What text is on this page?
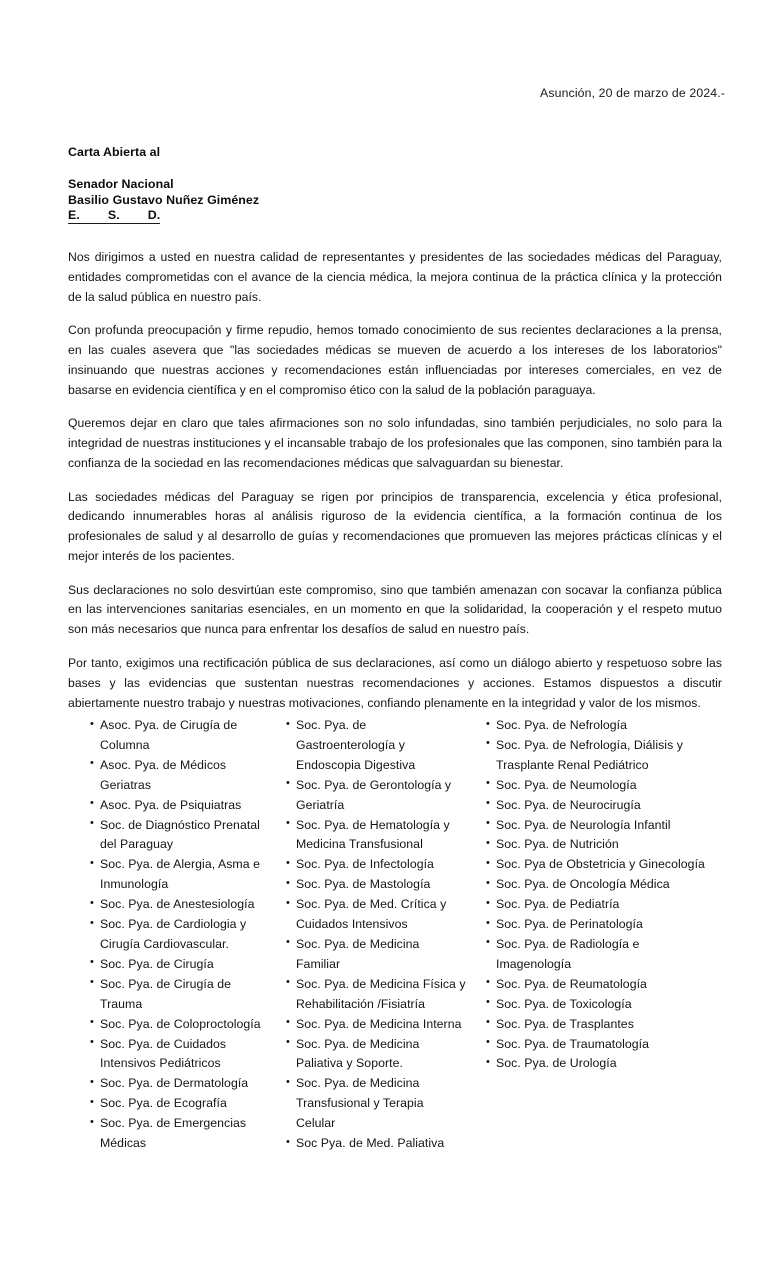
Asunción, 20 de marzo de 2024.-
Carta Abierta al
Senador Nacional
Basilio Gustavo Nuñez Giménez
E.        S.        D.

Nos dirigimos a usted en nuestra calidad de representantes y presidentes de las sociedades médicas del Paraguay, entidades comprometidas con el avance de la ciencia médica, la mejora continua de la práctica clínica y la protección de la salud pública en nuestro país.

Con profunda preocupación y firme repudio, hemos tomado conocimiento de sus recientes declaraciones a la prensa, en las cuales asevera que "las sociedades médicas se mueven de acuerdo a los intereses de los laboratorios" insinuando que nuestras acciones y recomendaciones están influenciadas por intereses comerciales, en vez de basarse en evidencia científica y en el compromiso ético con la salud de la población paraguaya.

Queremos dejar en claro que tales afirmaciones son no solo infundadas, sino también perjudiciales, no solo para la integridad de nuestras instituciones y el incansable trabajo de los profesionales que las componen, sino también para la confianza de la sociedad en las recomendaciones médicas que salvaguardan su bienestar.

Las sociedades médicas del Paraguay se rigen por principios de transparencia, excelencia y ética profesional, dedicando innumerables horas al análisis riguroso de la evidencia científica, a la formación continua de los profesionales de salud y al desarrollo de guías y recomendaciones que promueven las mejores prácticas clínicas y el mejor interés de los pacientes.

Sus declaraciones no solo desvirtúan este compromiso, sino que también amenazan con socavar la confianza pública en las intervenciones sanitarias esenciales, en un momento en que la solidaridad, la cooperación y el respeto mutuo son más necesarios que nunca para enfrentar los desafíos de salud en nuestro país.

Por tanto, exigimos una rectificación pública de sus declaraciones, así como un diálogo abierto y respetuoso sobre las bases y las evidencias que sustentan nuestras recomendaciones y acciones. Estamos dispuestos a discutir abiertamente nuestro trabajo y nuestras motivaciones, confiando plenamente en la integridad y valor de los mismos.

• Asoc. Pya. de Cirugía de Columna
• Asoc. Pya. de Médicos Geriatras
• Asoc. Pya. de Psiquiatras
• Soc. de Diagnóstico Prenatal del Paraguay
• Soc. Pya. de Alergia, Asma e Inmunología
• Soc. Pya. de Anestesiología
• Soc. Pya. de Cardiologia y Cirugía Cardiovascular.
• Soc. Pya. de Cirugía
• Soc. Pya. de Cirugía de Trauma
• Soc. Pya. de Coloproctología
• Soc. Pya. de Cuidados Intensivos Pediátricos
• Soc. Pya. de Dermatología
• Soc. Pya. de Ecografía
• Soc. Pya. de Emergencias Médicas
• Soc. Pya. de Gastroenterología y Endoscopia Digestiva
• Soc. Pya. de Gerontología y Geriatría
• Soc. Pya. de Hematología y Medicina Transfusional
• Soc. Pya. de Infectología
• Soc. Pya. de Mastología
• Soc. Pya. de Med. Crítica y Cuidados Intensivos
• Soc. Pya. de Medicina Familiar
• Soc. Pya. de Medicina Física y Rehabilitación /Fisiatría
• Soc. Pya. de Medicina Interna
• Soc. Pya. de Medicina Paliativa y Soporte.
• Soc. Pya. de Medicina Transfusional y Terapia Celular
• Soc Pya. de Med. Paliativa
• Soc. Pya. de Nefrología
• Soc. Pya. de Nefrología, Diálisis y Trasplante Renal Pediátrico
• Soc. Pya. de Neumología
• Soc. Pya. de Neurocirugía
• Soc. Pya. de Neurología Infantil
• Soc. Pya. de Nutrición
• Soc. Pya de Obstetricia y Ginecología
• Soc. Pya. de Oncología Médica
• Soc. Pya. de Pediatría
• Soc. Pya. de Perinatología
• Soc. Pya. de Radiología e Imagenología
• Soc. Pya. de Reumatología
• Soc. Pya. de Toxicología
• Soc. Pya. de Trasplantes
• Soc. Pya. de Traumatología
• Soc. Pya. de Urología
